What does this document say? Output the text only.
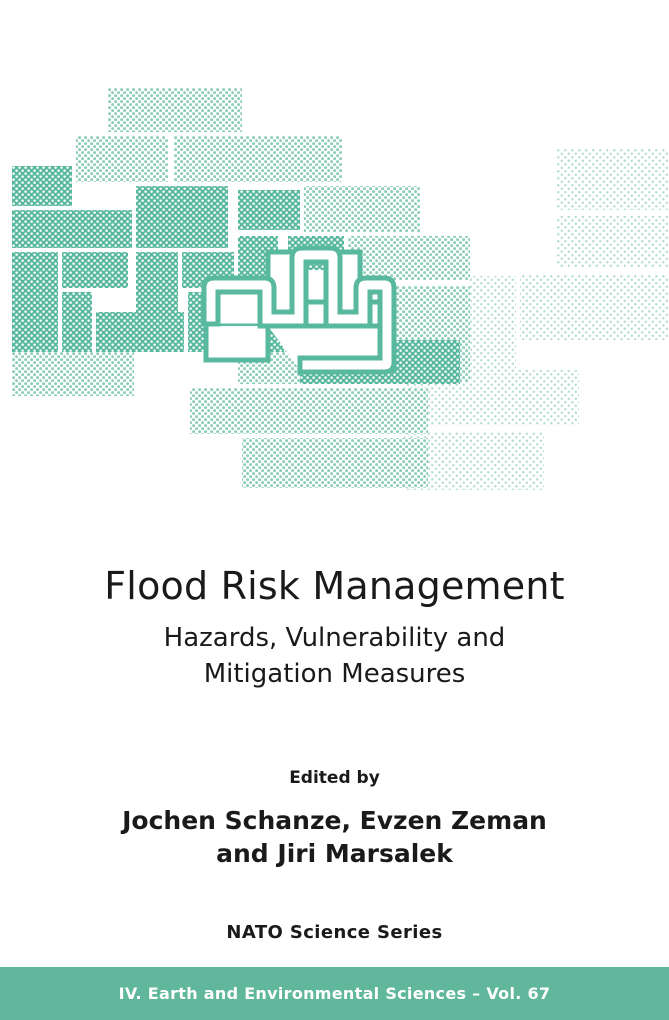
Flood Risk Management
Hazards, Vulnerability and
Mitigation Measures

Edited by

Jochen Schanze, Evzen Zeman
and Jiri Marsalek
NATO Science Series
IV. Earth and Environmental Sciences – Vol. 67
